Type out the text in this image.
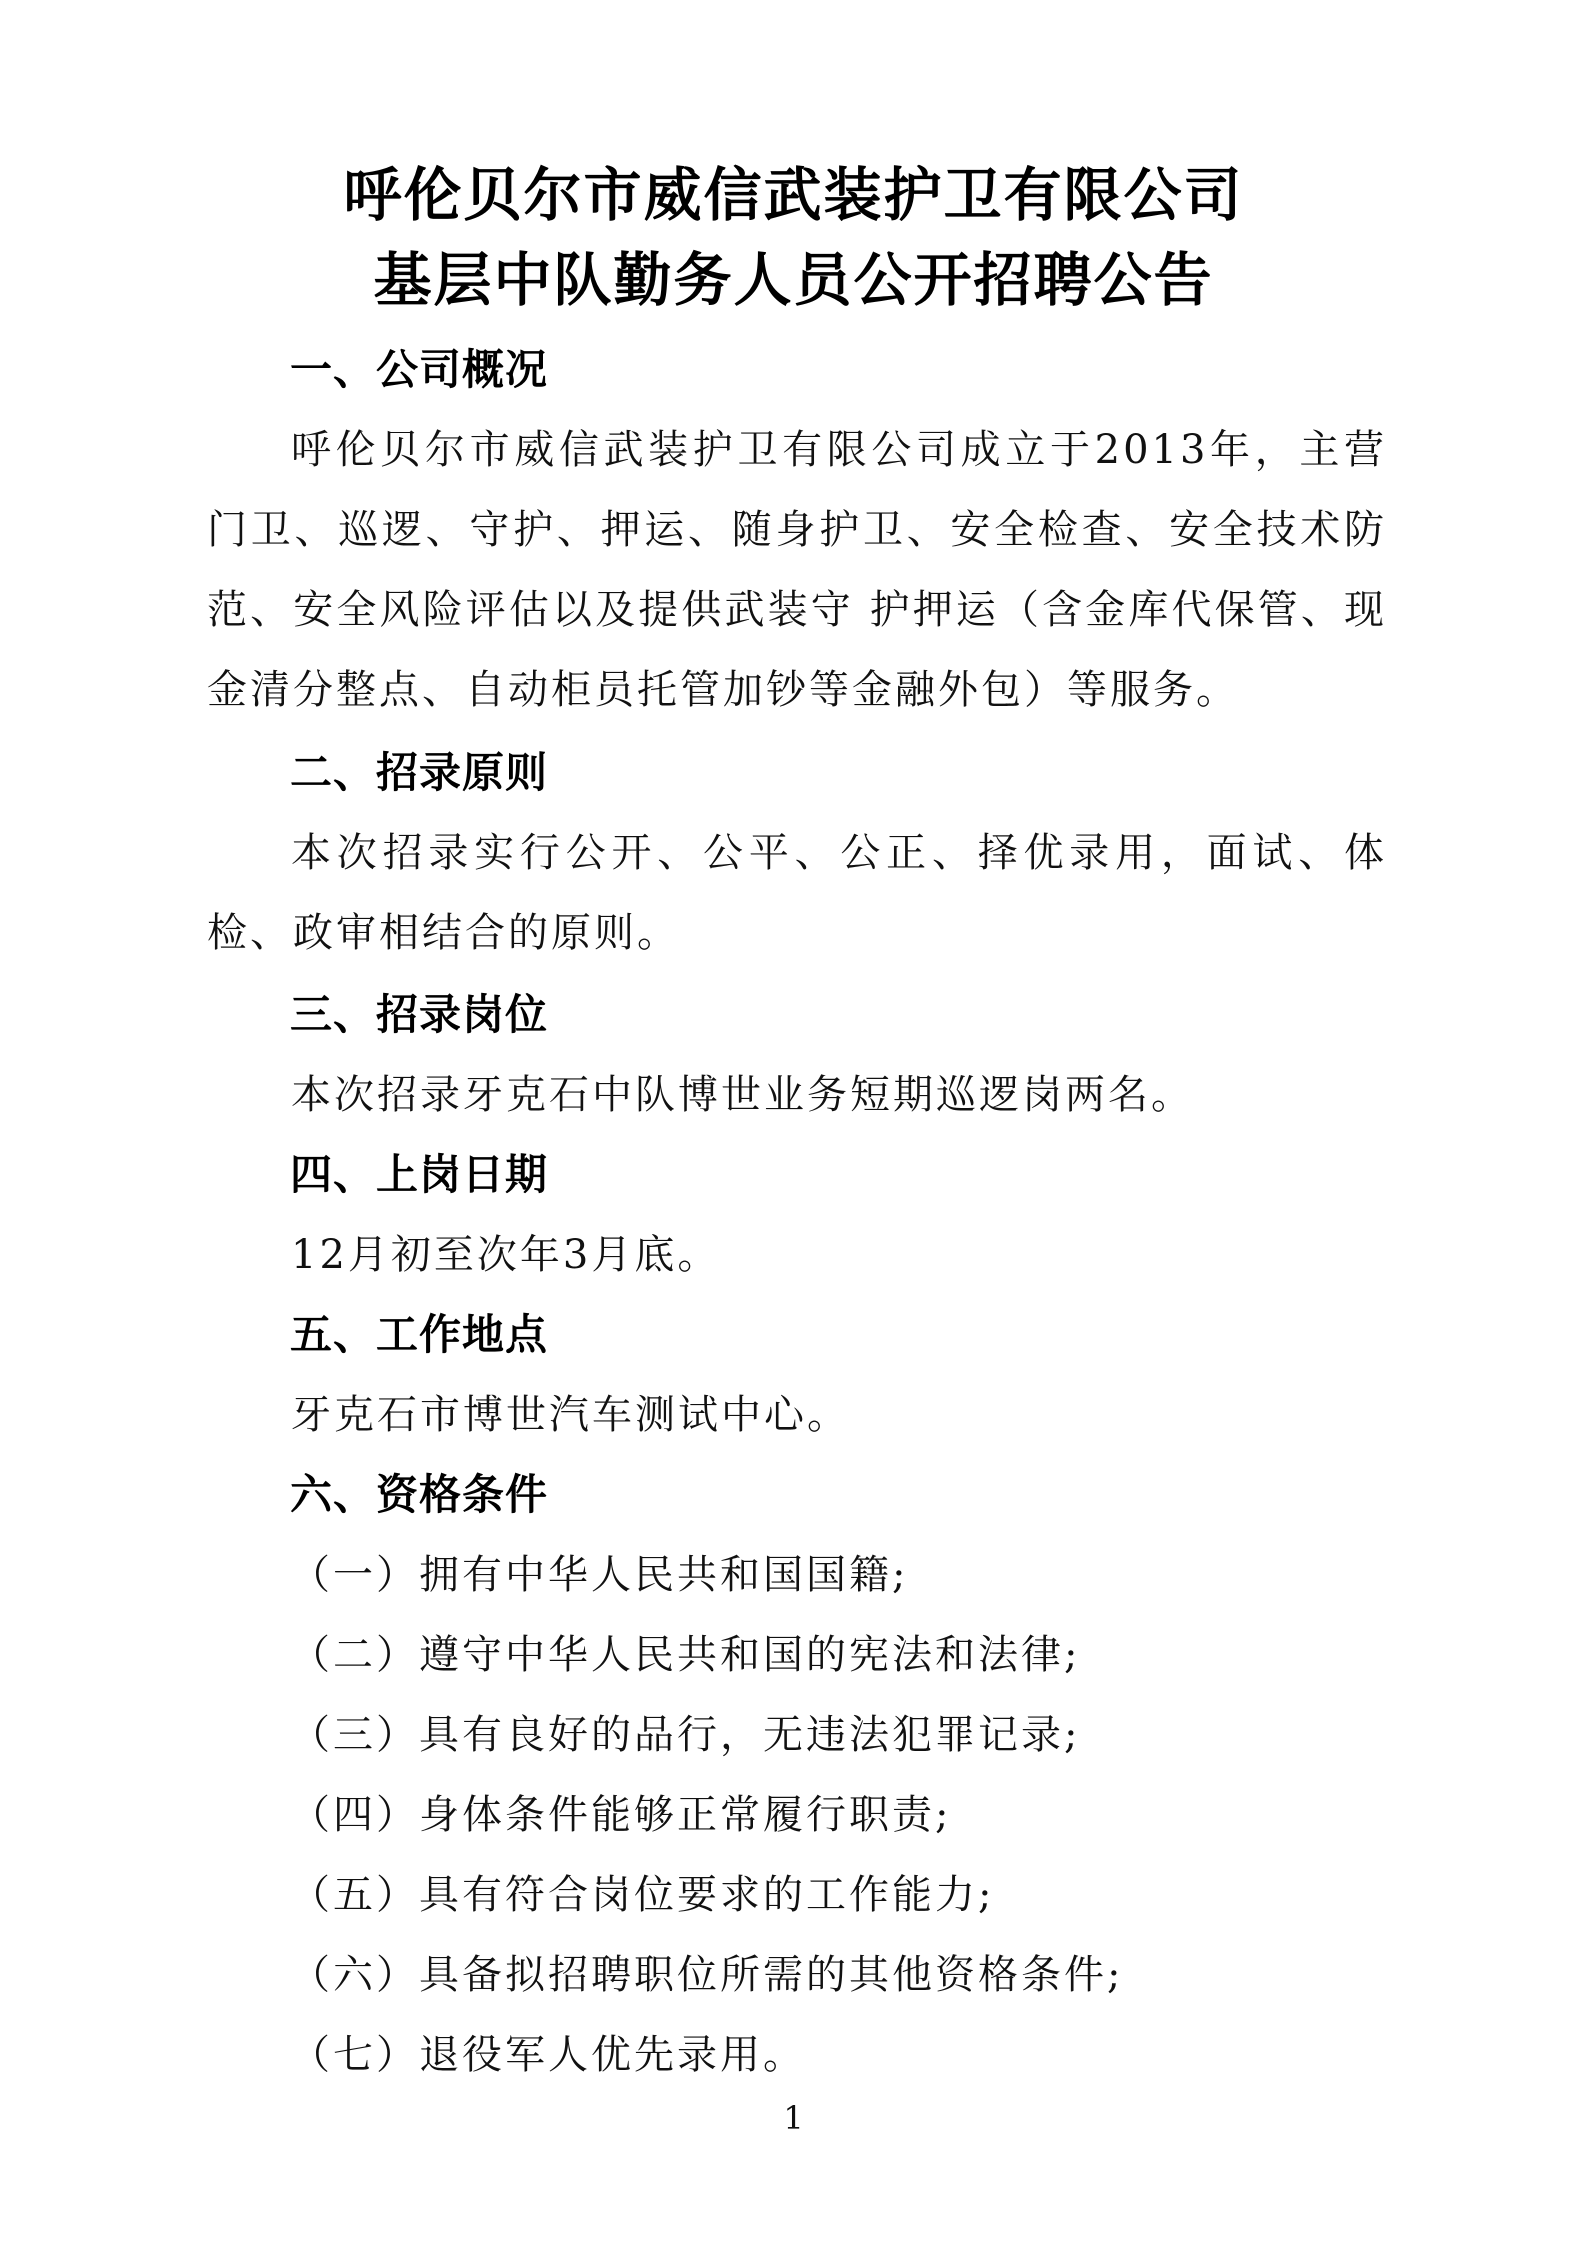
呼伦贝尔市威信武装护卫有限公司
基层中队勤务人员公开招聘公告
一、公司概况

呼伦贝尔市威信武装护卫有限公司成立于2013年，主营门卫、巡逻、守护、押运、随身护卫、安全检查、安全技术防范、安全风险评估以及提供武装守 护押运（含金库代保管、现金清分整点、自动柜员托管加钞等金融外包）等服务。

二、招录原则

本次招录实行公开、公平、公正、择优录用，面试、体检、政审相结合的原则。

三、招录岗位
本次招录牙克石中队博世业务短期巡逻岗两名。
四、上岗日期
12月初至次年3月底。
五、工作地点
牙克石市博世汽车测试中心。
六、资格条件
（一）拥有中华人民共和国国籍;
（二）遵守中华人民共和国的宪法和法律;
（三）具有良好的品行，无违法犯罪记录;
（四）身体条件能够正常履行职责;
（五）具有符合岗位要求的工作能力;
（六）具备拟招聘职位所需的其他资格条件;
（七）退役军人优先录用。
1
